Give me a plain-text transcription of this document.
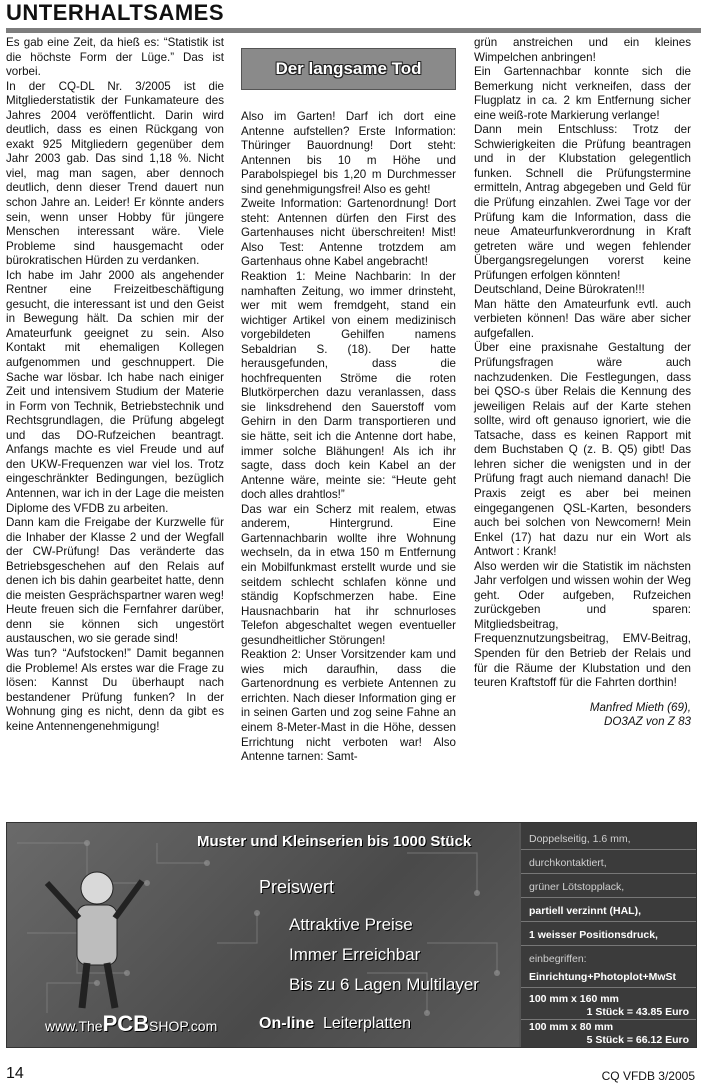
UNTERHALTSAMES

Es gab eine Zeit, da hieß es: “Statistik ist die höchste Form der Lüge.” Das ist vorbei.

In der CQ-DL Nr. 3/2005 ist die Mitgliederstatistik der Funkamateure des Jahres 2004 veröffentlicht. Darin wird deutlich, dass es einen Rückgang von exakt 925 Mitgliedern gegenüber dem Jahr 2003 gab. Das sind 1,18 %. Nicht viel, mag man sagen, aber dennoch deutlich, denn dieser Trend dauert nun schon Jahre an. Leider! Er könnte anders sein, wenn unser Hobby für jüngere Menschen interessant wäre. Viele Probleme sind hausgemacht oder bürokratischen Hürden zu verdanken.

Ich habe im Jahr 2000 als angehender Rentner eine Freizeitbeschäftigung gesucht, die interessant ist und den Geist in Bewegung hält. Da schien mir der Amateurfunk geeignet zu sein. Also Kontakt mit ehemaligen Kollegen aufgenommen und geschnuppert. Die Sache war lösbar. Ich habe nach einiger Zeit und intensivem Studium der Materie in Form von Technik, Betriebstechnik und Rechtsgrundlagen, die Prüfung abgelegt und das DO-Rufzeichen beantragt. Anfangs machte es viel Freude und auf den UKW-Frequenzen war viel los. Trotz eingeschränkter Bedingungen, bezüglich Antennen, war ich in der Lage die meisten Diplome des VFDB zu arbeiten.

Dann kam die Freigabe der Kurzwelle für die Inhaber der Klasse 2 und der Wegfall der CW-Prüfung! Das veränderte das Betriebsgeschehen auf den Relais auf denen ich bis dahin gearbeitet hatte, denn die meisten Gesprächspartner waren weg! Heute freuen sich die Fernfahrer darüber, denn sie können sich ungestört austauschen, wo sie gerade sind!

Was tun? “Aufstocken!” Damit begannen die Probleme! Als erstes war die Frage zu lösen: Kannst Du überhaupt nach bestandener Prüfung funken? In der Wohnung ging es nicht, denn da gibt es keine Antennengenehmigung!

Der langsame Tod

Also im Garten! Darf ich dort eine Antenne aufstellen? Erste Information: Thüringer Bauordnung! Dort steht: Antennen bis 10 m Höhe und Parabolspiegel bis 1,20 m Durchmesser sind genehmigungsfrei! Also es geht!

Zweite Information: Gartenordnung! Dort steht: Antennen dürfen den First des Gartenhauses nicht überschreiten! Mist! Also Test: Antenne trotzdem am Gartenhaus ohne Kabel angebracht!

Reaktion 1: Meine Nachbarin: In der namhaften Zeitung, wo immer drinsteht, wer mit wem fremdgeht, stand ein wichtiger Artikel von einem medizinisch vorgebildeten Gehilfen namens Sebaldrian S. (18). Der hatte herausgefunden, dass die hochfrequenten Ströme die roten Blutkörperchen dazu veranlassen, dass sie linksdrehend den Sauerstoff vom Gehirn in den Darm transportieren und sie hätte, seit ich die Antenne dort habe, immer solche Blähungen! Als ich ihr sagte, dass doch kein Kabel an der Antenne wäre, meinte sie: “Heute geht doch alles drahtlos!”

Das war ein Scherz mit realem, etwas anderem, Hintergrund. Eine Gartennachbarin wollte ihre Wohnung wechseln, da in etwa 150 m Entfernung ein Mobilfunkmast erstellt wurde und sie seitdem schlecht schlafen könne und ständig Kopfschmerzen habe. Eine Hausnachbarin hat ihr schnurloses Telefon abgeschaltet wegen eventueller gesundheitlicher Störungen!

Reaktion 2: Unser Vorsitzender kam und wies mich daraufhin, dass die Gartenordnung es verbiete Antennen zu errichten. Nach dieser Information ging er in seinen Garten und zog seine Fahne an einem 8-Meter-Mast in die Höhe, dessen Errichtung nicht verboten war! Also Antenne tarnen: Samt-

grün anstreichen und ein kleines Wimpelchen anbringen!

Ein Gartennachbar konnte sich die Bemerkung nicht verkneifen, dass der Flugplatz in ca. 2 km Entfernung sicher eine weiß-rote Markierung verlange!

Dann mein Entschluss: Trotz der Schwierigkeiten die Prüfung beantragen und in der Klubstation gelegentlich funken. Schnell die Prüfungstermine ermitteln, Antrag abgegeben und Geld für die Prüfung einzahlen. Zwei Tage vor der Prüfung kam die Information, dass die neue Amateurfunkverordnung in Kraft getreten wäre und wegen fehlender Übergangsregelungen vorerst keine Prüfungen erfolgen könnten!

Deutschland, Deine Bürokraten!!!

Man hätte den Amateurfunk evtl. auch verbieten können! Das wäre aber sicher aufgefallen.

Über eine praxisnahe Gestaltung der Prüfungsfragen wäre auch nachzudenken. Die Festlegungen, dass bei QSO-s über Relais die Kennung des jeweiligen Relais auf der Karte stehen sollte, wird oft genauso ignoriert, wie die Tatsache, dass es keinen Rapport mit dem Buchstaben Q (z. B. Q5) gibt! Das lehren sicher die wenigsten und in der Prüfung fragt auch niemand danach! Die Praxis zeigt es aber bei meinen eingegangenen QSL-Karten, besonders auch bei solchen von Newcomern! Mein Enkel (17) hat dazu nur ein Wort als Antwort : Krank!

Also werden wir die Statistik im nächsten Jahr verfolgen und wissen wohin der Weg geht. Oder aufgeben, Rufzeichen zurückgeben und sparen: Mitgliedsbeitrag, Frequenznutzungsbeitrag, EMV-Beitrag, Spenden für den Betrieb der Relais und für die Räume der Klubstation und den teuren Kraftstoff für die Fahrten dorthin!

Manfred Mieth (69),
DO3AZ von Z 83

Muster und Kleinserien bis 1000 Stück
Preiswert
Attraktive Preise
Immer Erreichbar
Bis zu 6 Lagen Multilayer
www.ThePCBSHOP.com	On-line Leiterplatten
Doppelseitig, 1.6 mm,
durchkontaktiert,
grüner Lötstopplack,
partiell verzinnt (HAL),
1 weisser Positionsdruck,
einbegriffen:
Einrichtung+Photoplot+MwSt
100 mm x 160 mm
1 Stück = 43.85 Euro
100 mm x 80 mm
5 Stück = 66.12 Euro
14	CQ VFDB 3/2005
